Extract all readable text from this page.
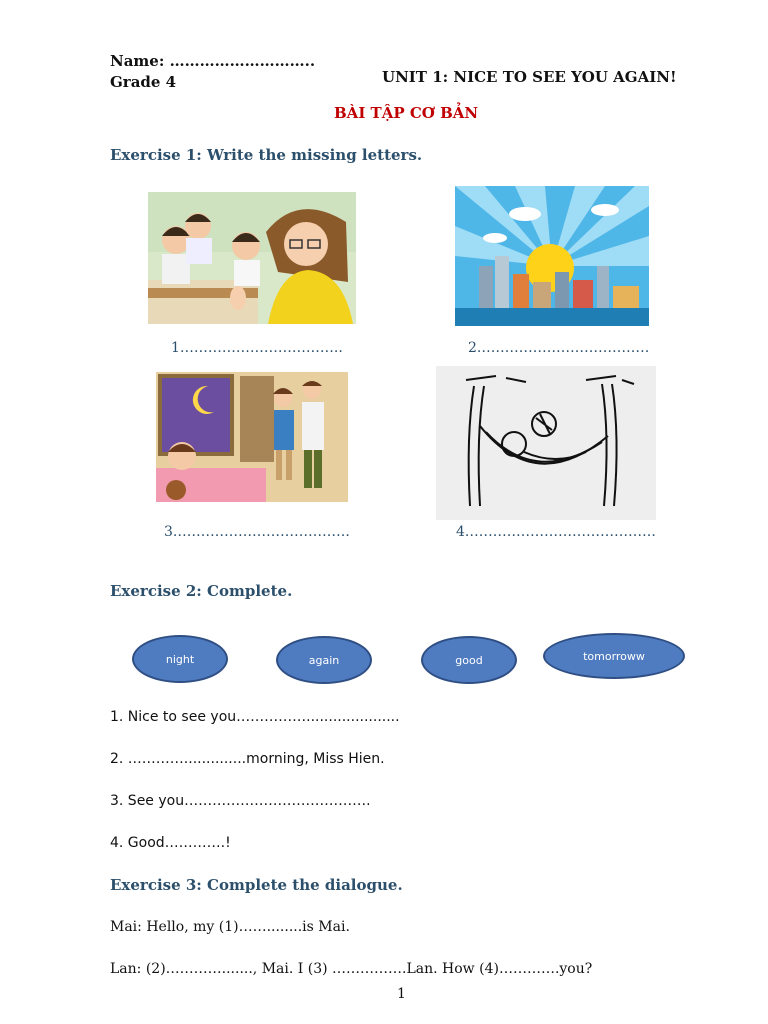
Name: ………………………..
Grade 4	UNIT 1: NICE TO SEE YOU AGAIN!
BÀI TẬP CƠ BẢN
Exercise 1: Write the missing letters.
1……………………………..	2.………………………………
3.……………………………….	4.………………………………….
Exercise 2: Complete.
night	again	good	tomorroww
1. Nice to see you…………….....................
2. …………..............morning, Miss Hien.
3. See you………………………………….
4. Good………….!
Exercise 3: Complete the dialogue.
Mai: Hello, my (1)……........is Mai.
Lan: (2)…………......., Mai. I (3) …………….Lan. How (4)………….you?
1
